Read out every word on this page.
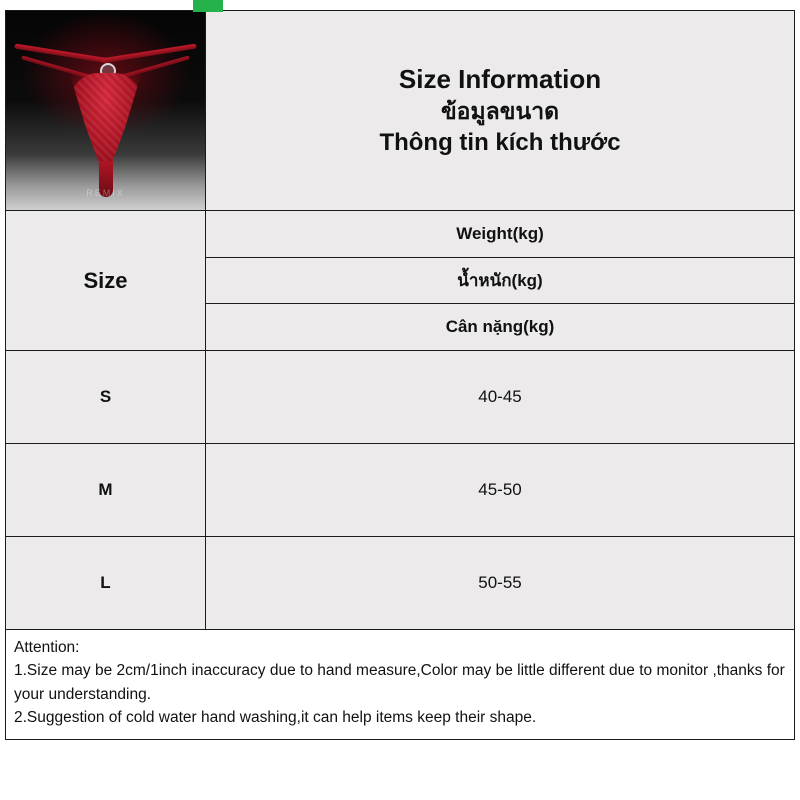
REMIX
Size Information
ข้อมูลขนาด
Thông tin kích thước
Size
Weight(kg)
น้ำหนัก(kg)
Cân nặng(kg)
S	40-45
M	45-50
L	50-55
Attention:
1.Size may be 2cm/1inch inaccuracy due to hand measure,Color may be little different due to monitor ,thanks for your understanding.
2.Suggestion of cold water hand washing,it can help items keep their shape.
